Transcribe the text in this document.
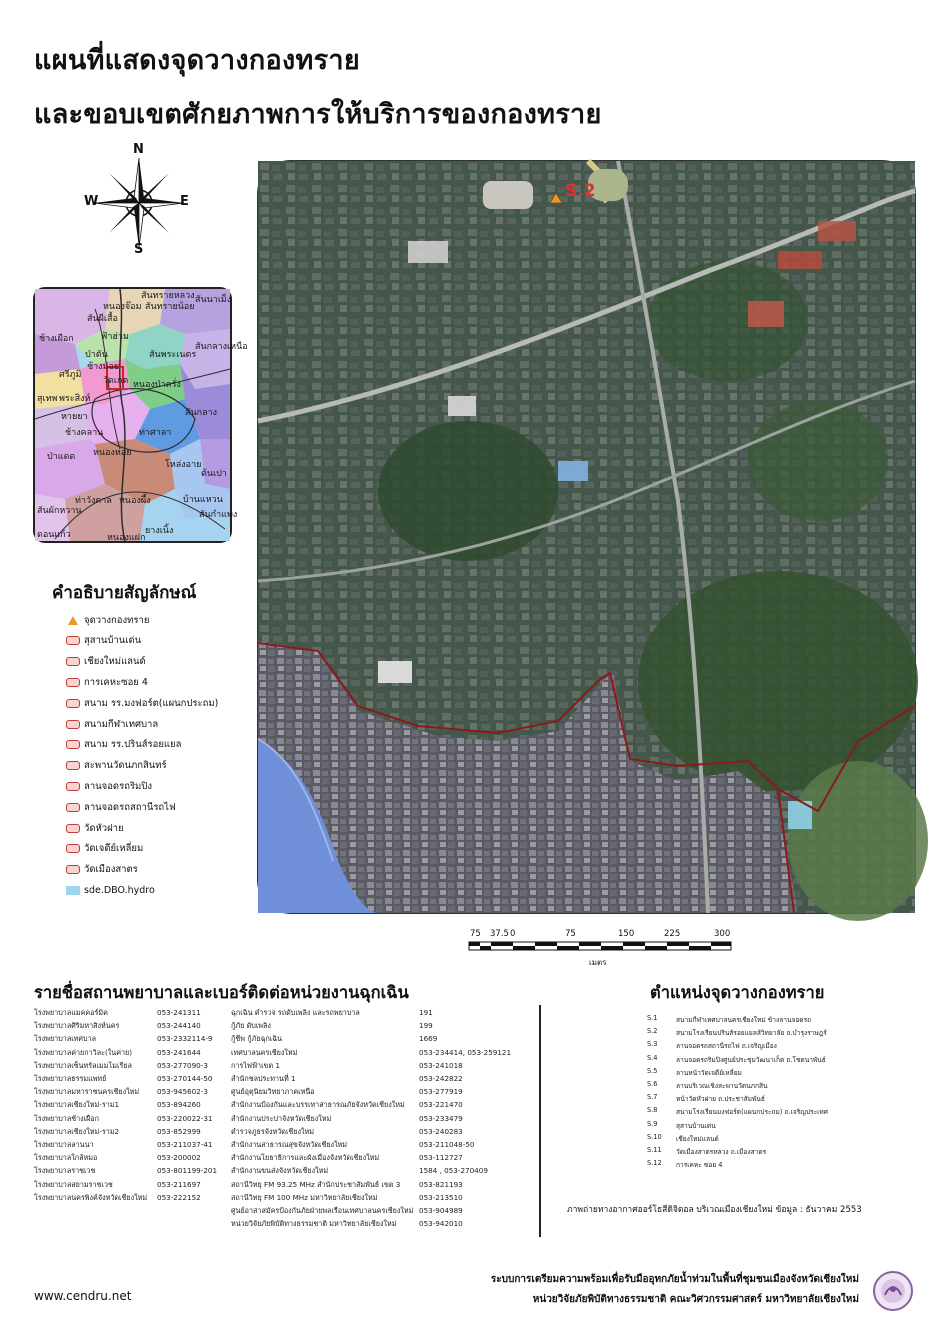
แผนที่แสดงจุดวางกองทราย
และขอบเขตศักยภาพการให้บริการของกองทราย
N
S
E
W
สันทรายหลวง
หนองจ๊อม สันทรายน้อย
สันนาเม็ง
สันผีเสื้อ
ช้างเผือก	ฟ้าฮ่าม
ป่าตัน	สันพระเนตร
สันกลางเหนือ
ศรีภูมิ
ช้างม่อย
วัดเกต หนองป่าครั่ง
สุเทพ พระสิงห์
หายยา	สันกลาง
ช้างคลาน	ท่าศาลา
ป่าแดด หนองหอย
โหล่งอาย
ต้นเปา
ท่าวังตาล หนองผึ้ง	บ้านแหวน
ยางเนิ้ง
สันกำแพง
สันผักหวาน
ดอนแก้ว	หนองแฝก
คำอธิบายสัญลักษณ์
จุดวางกองทราย
สุสานบ้านเด่น
เชียงใหม่แลนด์
การเคหะซอย 4
สนาม รร.มงฟอร์ต(แผนกประถม)
สนามกีฬาเทศบาล
สนาม รร.ปรินส์รอยแยล
สะพานวัดนภกสินทร์
ลานจอดรถริมปิง
ลานจอดรถสถานีรถไฟ
วัดหัวฝาย
วัดเจดีย์เหลี่ยม
วัดเมืองสาตร
sde.DBO.hydro
S.2
75 37.5 0	75	150	225	300
เมตร
รายชื่อสถานพยาบาลและเบอร์ติดต่อหน่วยงานฉุกเฉิน
โรงพยาบาลแมคคอร์มิค	053-241311
โรงพยาบาลศิริมหาสิงห์นคร	053-244140
โรงพยาบาลเทศบาล	053-2332114-9
โรงพยาบาลค่ายกาวิละ(ในค่าย)	053-241644
โรงพยาบาลเซ็นทรัลเมมโมเรียล	053-277090-3
โรงพยาบาลธรรมแพทย์	053-270144-50
โรงพยาบาลมหาราชนครเชียงใหม่ 053-945602-3
โรงพยาบาลเชียงใหม่-ราม1	053-894260
โรงพยาบาลช้างเผือก	053-220022-31
โรงพยาบาลเชียงใหม่-ราม2	053-852999
โรงพยาบาลลานนา	053-211037-41
โรงพยาบาลใกล้หมอ	053-200002
โรงพยาบาลราชเวช	053-801199-201
โรงพยาบาลสยามราชเวช	053-211697
โรงพยาบาลนครพิงค์จังหวัดเชียงใหม่ 053-222152
ฉุกเฉิน ตำรวจ รถดับเพลิง และรถพยาบาล	191
กู้ภัย ดับเพลิง	199
กู้ชีพ กู้ภัยฉุกเฉิน	1669
เทศบาลนครเชียงใหม่	053-234414, 053-259121
การไฟฟ้าเขต 1	053-241018
สำนักชลประทานที่ 1	053-242822
ศูนย์อุตุนิยมวิทยาภาคเหนือ	053-277919
สำนักงานป้องกันและบรรเทาสาธารณภัยจังหวัดเชียงใหม่ 053-221470
สำนักงานประปาจังหวัดเชียงใหม่	053-233479
ตำรวจภูธรจังหวัดเชียงใหม่	053-240283
สำนักงานสาธารณสุขจังหวัดเชียงใหม่	053-211048-50
สำนักงานโยธาธิการและผังเมืองจังหวัดเชียงใหม่	053-112727
สำนักงานขนส่งจังหวัดเชียงใหม่	1584 , 053-270409
สถานีวิทยุ FM 93.25 MHz สำนักประชาสัมพันธ์ เขต 3	053-821193
สถานีวิทยุ FM 100 MHz มหาวิทยาลัยเชียงใหม่	053-213510
ศูนย์อาสาสมัครป้องกันภัยฝ่ายพลเรือนเทศบาลนครเชียงใหม่ 053-904989
หน่วยวิจัยภัยพิบัติทางธรรมชาติ มหาวิทยาลัยเชียงใหม่	053-942010
ตำแหน่งจุดวางกองทราย
S.1	สนามกีฬาเทศบาลนครเชียงใหม่ ข้างลานจอดรถ
S.2	สนามโรงเรียนปรินส์รอยแยลส์วิทยาลัย ถ.บำรุงราษฎร์
S.3	ลานจอดรถสถานีรถไฟ ถ.เจริญเมือง
S.4	ลานจอดรถริมปิงศูนย์ประชุมวัฒนาเก็ต ถ.โชตนาพันธ์
S.5	ลานหน้าวัดเจดีย์เหลี่ยม
S.6	ลานบริเวณเชิงสะพานวัดนภกสิน
S.7	หน้าวัดหัวฝาย ถ.ประชาสัมพันธ์
S.8	สนามโรงเรียนมงฟอร์ต(แผนกประถม) ถ.เจริญประเทศ
S.9	สุสานบ้านเด่น
S.10 เชียงใหม่แลนด์
S.11 วัดเมืองสาตรหลวง ถ.เมืองสาตร
S.12 การเคหะ ซอย 4
ภาพถ่ายทางอากาศออร์โธสีดิจิตอล บริเวณเมืองเชียงใหม่ ข้อมูล : ธันวาคม 2553
www.cendru.net
ระบบการเตรียมความพร้อมเพื่อรับมืออุทกภัยน้ำท่วมในพื้นที่ชุมชนเมืองจังหวัดเชียงใหม่
หน่วยวิจัยภัยพิบัติทางธรรมชาติ คณะวิศวกรรมศาสตร์ มหาวิทยาลัยเชียงใหม่
